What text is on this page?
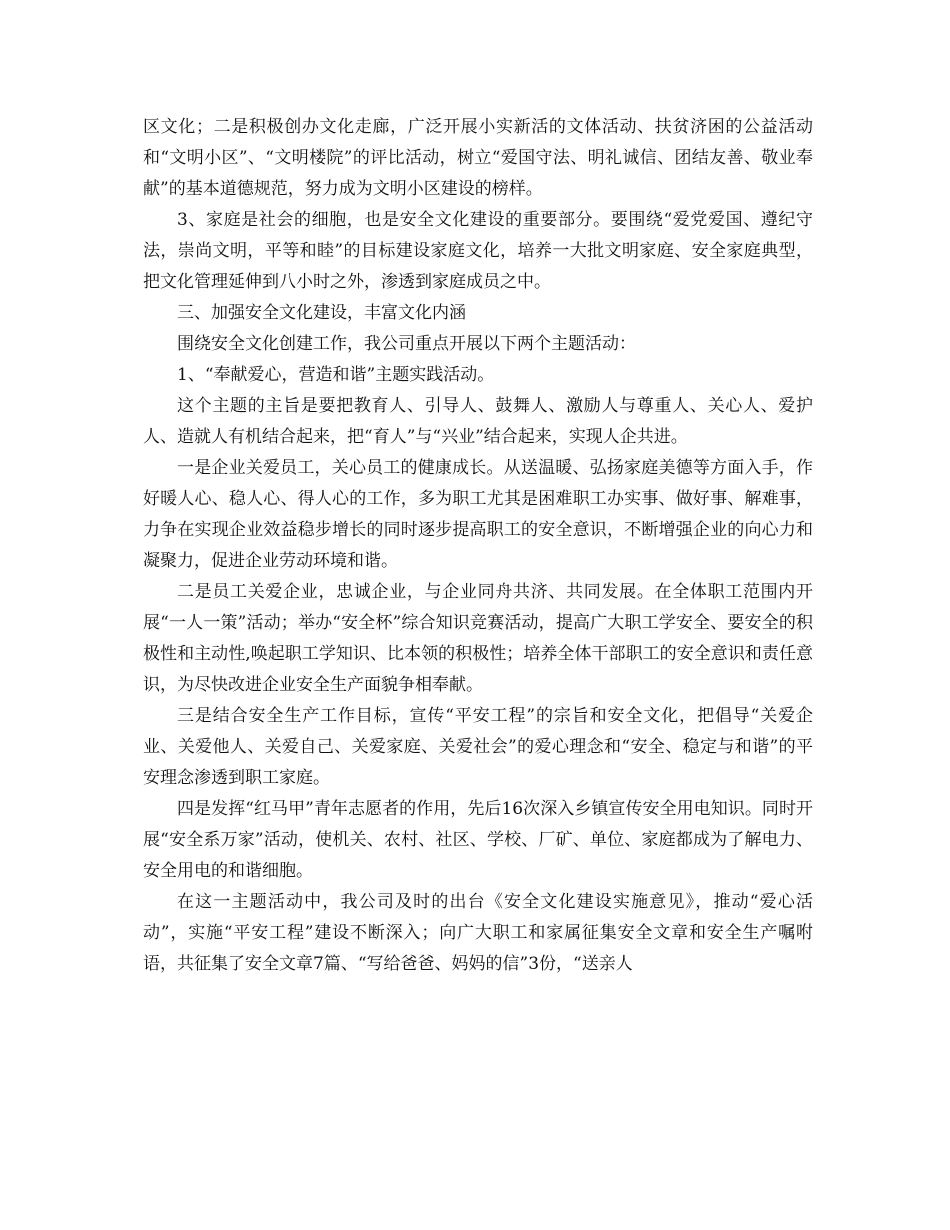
区文化；二是积极创办文化走廊，广泛开展小实新活的文体活动、扶贫济困的公益活动和“文明小区”、“文明楼院”的评比活动，树立“爱国守法、明礼诚信、团结友善、敬业奉献”的基本道德规范，努力成为文明小区建设的榜样。

3、家庭是社会的细胞，也是安全文化建设的重要部分。要围绕“爱党爱国、遵纪守法，崇尚文明，平等和睦”的目标建设家庭文化，培养一大批文明家庭、安全家庭典型，把文化管理延伸到八小时之外，渗透到家庭成员之中。

三、加强安全文化建设，丰富文化内涵

围绕安全文化创建工作，我公司重点开展以下两个主题活动：

1、“奉献爱心，营造和谐”主题实践活动。

这个主题的主旨是要把教育人、引导人、鼓舞人、激励人与尊重人、关心人、爱护人、造就人有机结合起来，把“育人”与“兴业”结合起来，实现人企共进。

一是企业关爱员工，关心员工的健康成长。从送温暖、弘扬家庭美德等方面入手，作好暖人心、稳人心、得人心的工作，多为职工尤其是困难职工办实事、做好事、解难事，力争在实现企业效益稳步增长的同时逐步提高职工的安全意识，不断增强企业的向心力和凝聚力，促进企业劳动环境和谐。

二是员工关爱企业，忠诚企业，与企业同舟共济、共同发展。在全体职工范围内开展“一人一策”活动；举办“安全杯”综合知识竞赛活动，提高广大职工学安全、要安全的积极性和主动性,唤起职工学知识、比本领的积极性；培养全体干部职工的安全意识和责任意识，为尽快改进企业安全生产面貌争相奉献。

三是结合安全生产工作目标，宣传“平安工程”的宗旨和安全文化，把倡导“关爱企业、关爱他人、关爱自己、关爱家庭、关爱社会”的爱心理念和“安全、稳定与和谐”的平安理念渗透到职工家庭。

四是发挥“红马甲”青年志愿者的作用，先后16次深入乡镇宣传安全用电知识。同时开展“安全系万家”活动，使机关、农村、社区、学校、厂矿、单位、家庭都成为了解电力、安全用电的和谐细胞。

在这一主题活动中，我公司及时的出台《安全文化建设实施意见》，推动“爱心活动”，实施“平安工程”建设不断深入；向广大职工和家属征集安全文章和安全生产嘱咐语，共征集了安全文章7篇、“写给爸爸、妈妈的信”3份，“送亲人
